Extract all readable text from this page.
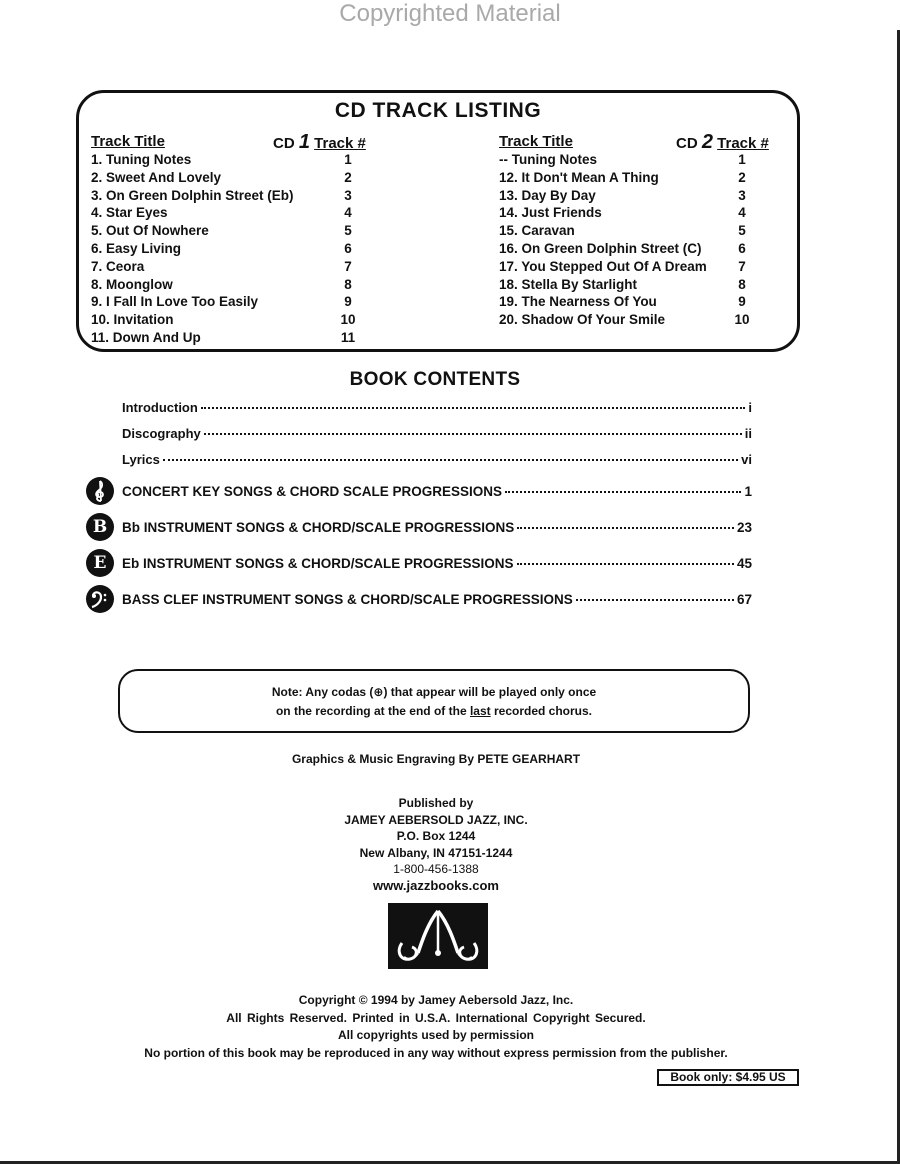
Copyrighted Material
CD TRACK LISTING
Track Title	CD 1 Track #
1. Tuning Notes	1
2. Sweet And Lovely	2
3. On Green Dolphin Street (Eb)	3
4. Star Eyes	4
5. Out Of Nowhere	5
6. Easy Living	6
7. Ceora	7
8. Moonglow	8
9. I Fall In Love Too Easily	9
10. Invitation	10
11. Down And Up	11
Track Title	CD 2 Track #
-- Tuning Notes	1
12. It Don't Mean A Thing	2
13. Day By Day	3
14. Just Friends	4
15. Caravan	5
16. On Green Dolphin Street (C)	6
17. You Stepped Out Of A Dream	7
18. Stella By Starlight	8
19. The Nearness Of You	9
20. Shadow Of Your Smile	10
BOOK CONTENTS
Introduction	i
Discography	ii
Lyrics	vi
CONCERT KEY SONGS & CHORD SCALE PROGRESSIONS	1
Bb INSTRUMENT SONGS & CHORD/SCALE PROGRESSIONS	23
B
Eb INSTRUMENT SONGS & CHORD/SCALE PROGRESSIONS	45
E
BASS CLEF INSTRUMENT SONGS & CHORD/SCALE PROGRESSIONS	67
Note: Any codas (⊕) that appear will be played only once
on the recording at the end of the last recorded chorus.
Graphics & Music Engraving By PETE GEARHART
Published by
JAMEY AEBERSOLD JAZZ, INC.
P.O. Box 1244
New Albany, IN 47151-1244
1-800-456-1388
www.jazzbooks.com
Copyright © 1994 by Jamey Aebersold Jazz, Inc.
All Rights Reserved. Printed in U.S.A. International Copyright Secured.
All copyrights used by permission
No portion of this book may be reproduced in any way without express permission from the publisher.
Book only: $4.95 US
